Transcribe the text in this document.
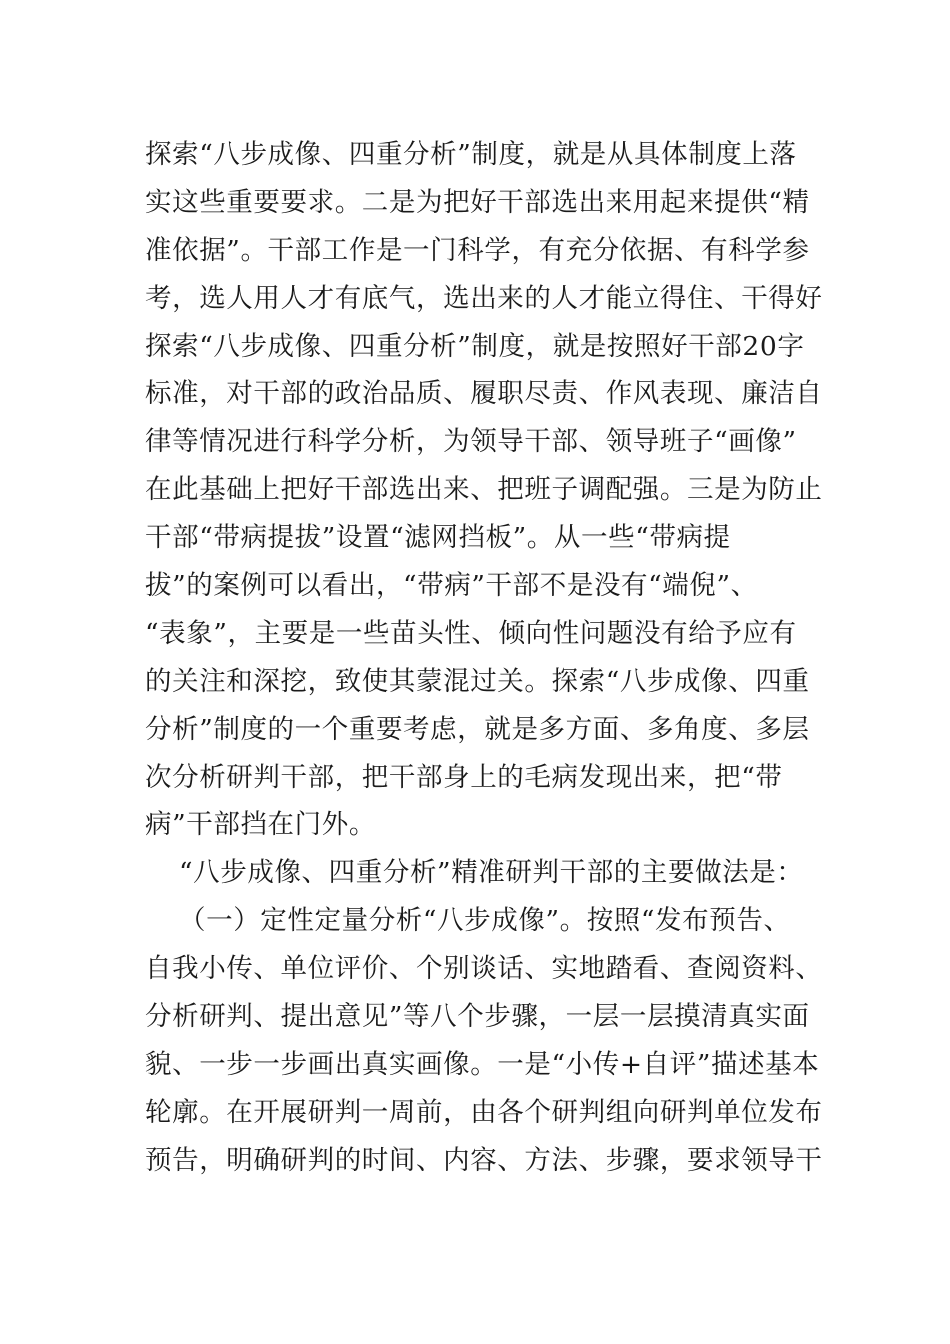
探索“八步成像、四重分析”制度，就是从具体制度上落
实这些重要要求。二是为把好干部选出来用起来提供“精
准依据”。干部工作是一门科学，有充分依据、有科学参
考，选人用人才有底气，选出来的人才能立得住、干得好
探索“八步成像、四重分析”制度，就是按照好干部20字
标准，对干部的政治品质、履职尽责、作风表现、廉洁自
律等情况进行科学分析，为领导干部、领导班子“画像”
在此基础上把好干部选出来、把班子调配强。三是为防止
干部“带病提拔”设置“滤网挡板”。从一些“带病提
拔”的案例可以看出，“带病”干部不是没有“端倪”、
“表象”，主要是一些苗头性、倾向性问题没有给予应有
的关注和深挖，致使其蒙混过关。探索“八步成像、四重
分析”制度的一个重要考虑，就是多方面、多角度、多层
次分析研判干部，把干部身上的毛病发现出来，把“带
病”干部挡在门外。
“八步成像、四重分析”精准研判干部的主要做法是：
（一）定性定量分析“八步成像”。按照“发布预告、
自我小传、单位评价、个别谈话、实地踏看、查阅资料、
分析研判、提出意见”等八个步骤，一层一层摸清真实面
貌、一步一步画出真实画像。一是“小传+自评”描述基本
轮廓。在开展研判一周前，由各个研判组向研判单位发布
预告，明确研判的时间、内容、方法、步骤，要求领导干
